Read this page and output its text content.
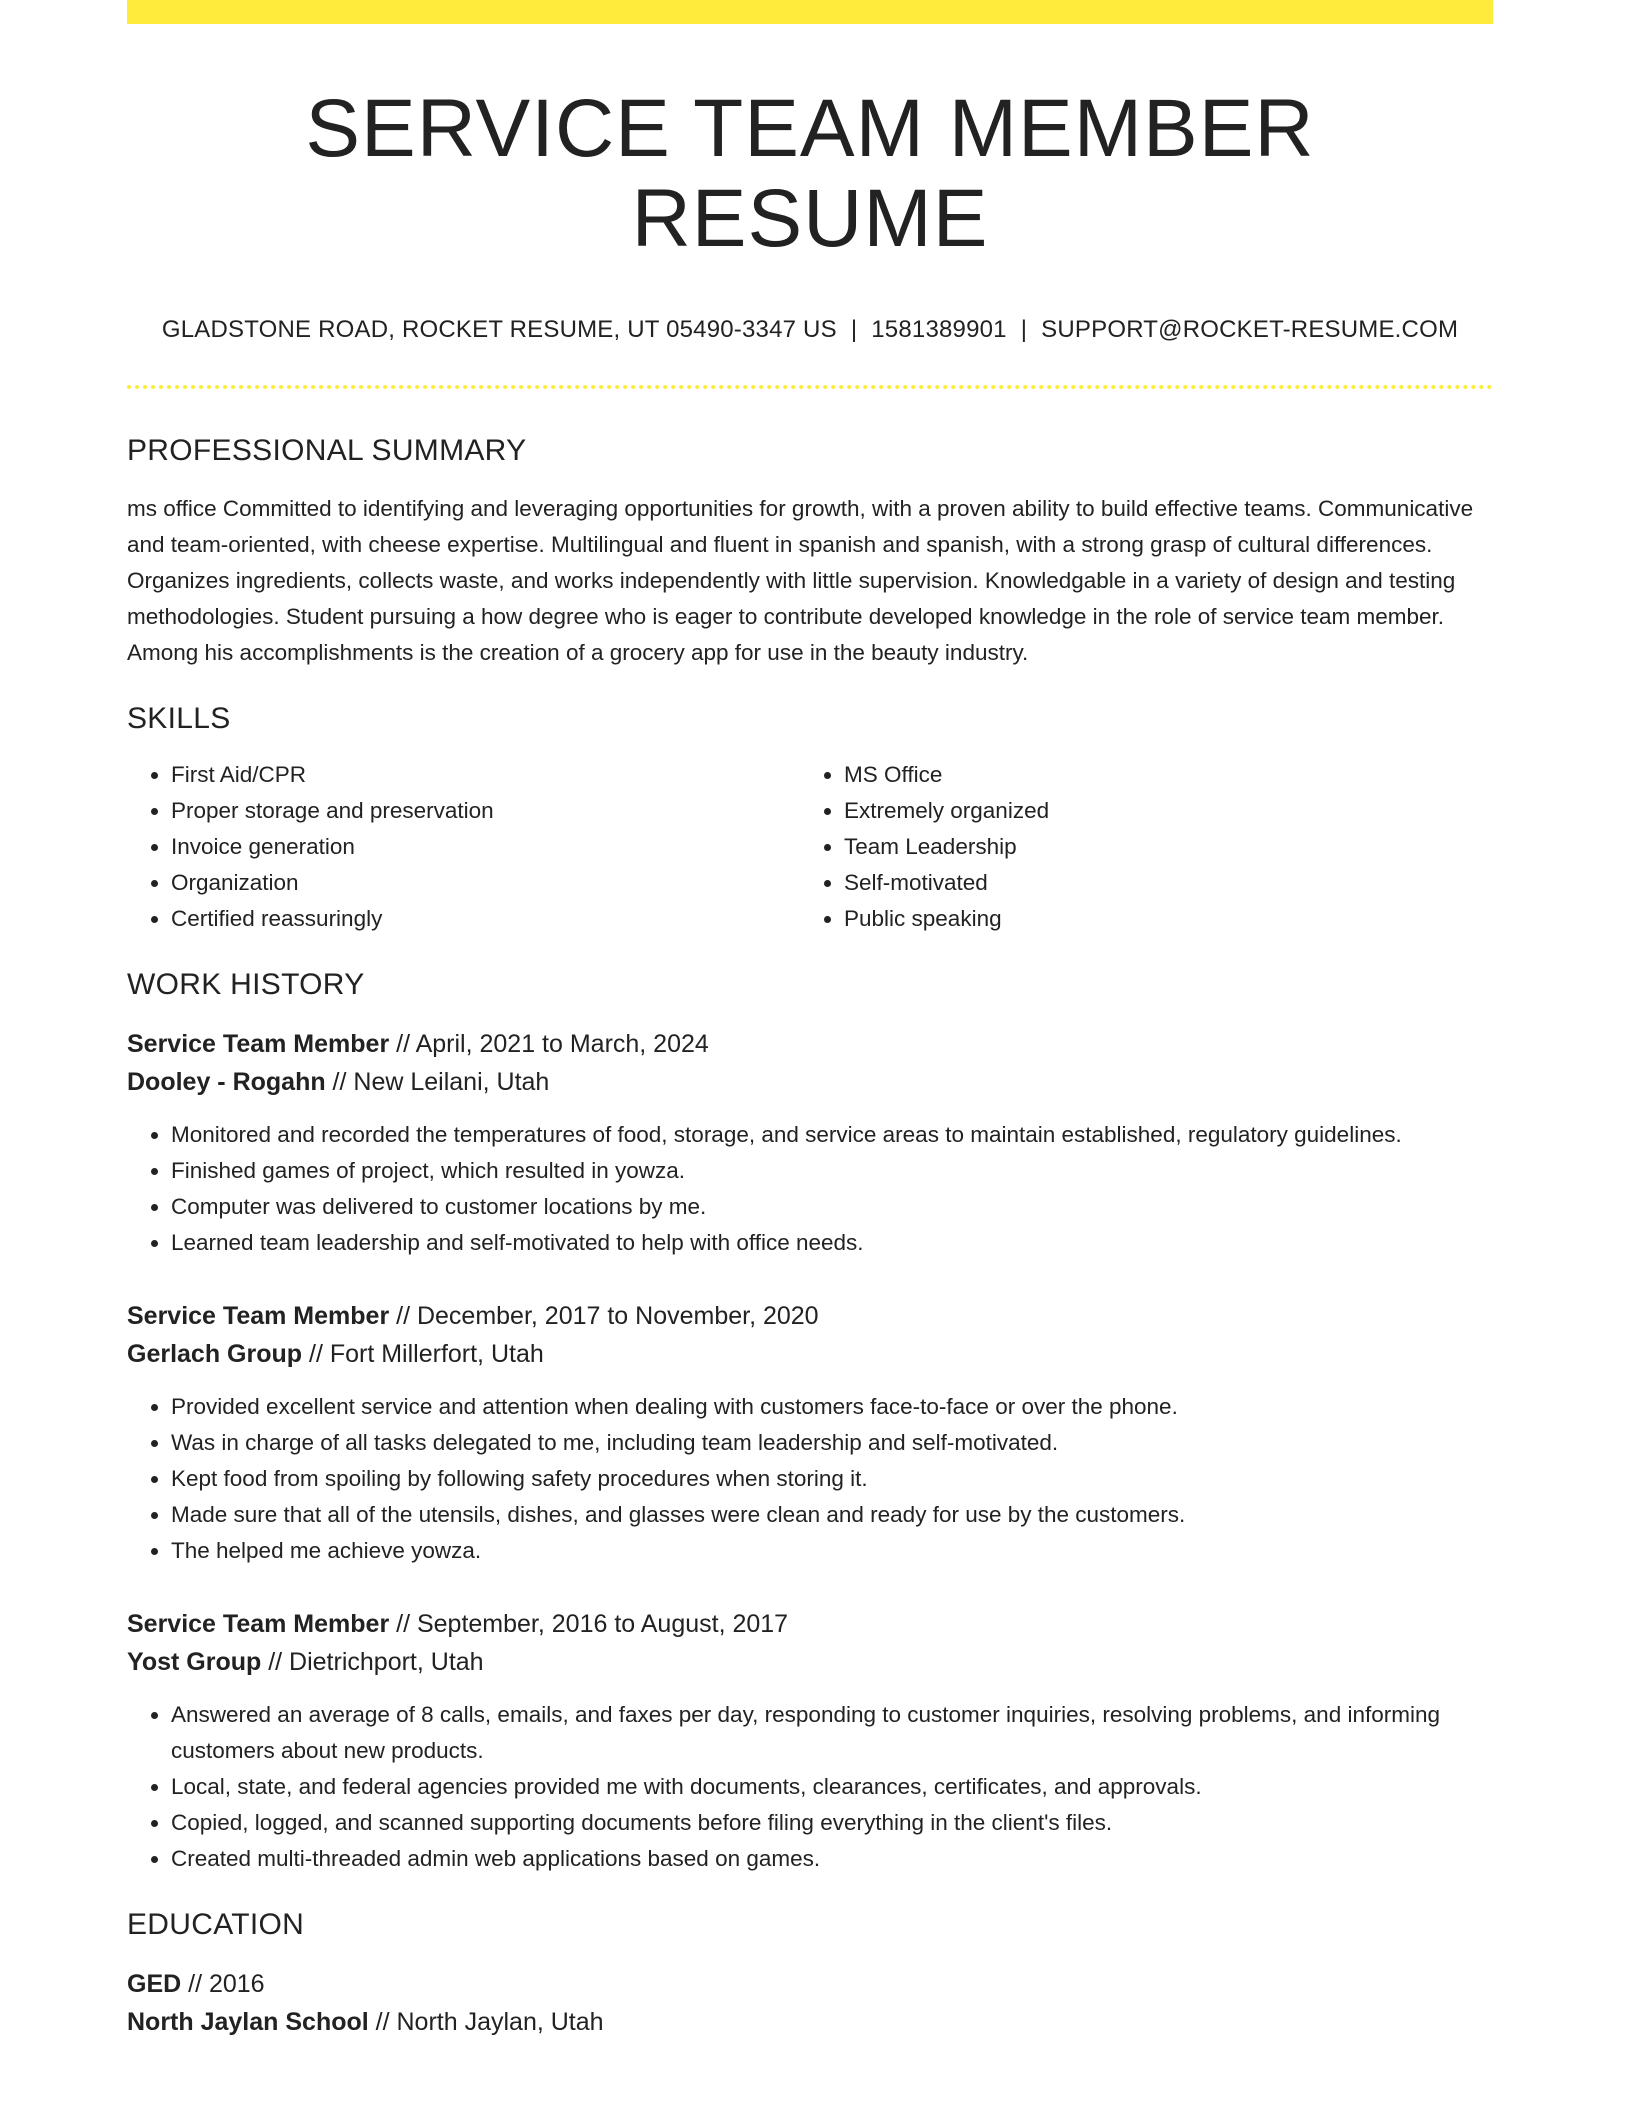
SERVICE TEAM MEMBER RESUME
GLADSTONE ROAD, ROCKET RESUME, UT 05490-3347 US | 1581389901 | SUPPORT@ROCKET-RESUME.COM
PROFESSIONAL SUMMARY

ms office Committed to identifying and leveraging opportunities for growth, with a proven ability to build effective teams. Communicative and team-oriented, with cheese expertise. Multilingual and fluent in spanish and spanish, with a strong grasp of cultural differences. Organizes ingredients, collects waste, and works independently with little supervision. Knowledgable in a variety of design and testing methodologies. Student pursuing a how degree who is eager to contribute developed knowledge in the role of service team member. Among his accomplishments is the creation of a grocery app for use in the beauty industry.

SKILLS
• First Aid/CPR
• Proper storage and preservation
• Invoice generation
• Organization
• Certified reassuringly
• MS Office
• Extremely organized
• Team Leadership
• Self-motivated
• Public speaking
WORK HISTORY
Service Team Member // April, 2021 to March, 2024
Dooley - Rogahn // New Leilani, Utah
• Monitored and recorded the temperatures of food, storage, and service areas to maintain established, regulatory guidelines.
• Finished games of project, which resulted in yowza.
• Computer was delivered to customer locations by me.
• Learned team leadership and self-motivated to help with office needs.
Service Team Member // December, 2017 to November, 2020
Gerlach Group // Fort Millerfort, Utah
• Provided excellent service and attention when dealing with customers face-to-face or over the phone.
• Was in charge of all tasks delegated to me, including team leadership and self-motivated.
• Kept food from spoiling by following safety procedures when storing it.
• Made sure that all of the utensils, dishes, and glasses were clean and ready for use by the customers.
• The helped me achieve yowza.
Service Team Member // September, 2016 to August, 2017
Yost Group // Dietrichport, Utah
• Answered an average of 8 calls, emails, and faxes per day, responding to customer inquiries, resolving problems, and informing customers about new products.
• Local, state, and federal agencies provided me with documents, clearances, certificates, and approvals.
• Copied, logged, and scanned supporting documents before filing everything in the client's files.
• Created multi-threaded admin web applications based on games.
EDUCATION
GED // 2016
North Jaylan School // North Jaylan, Utah
